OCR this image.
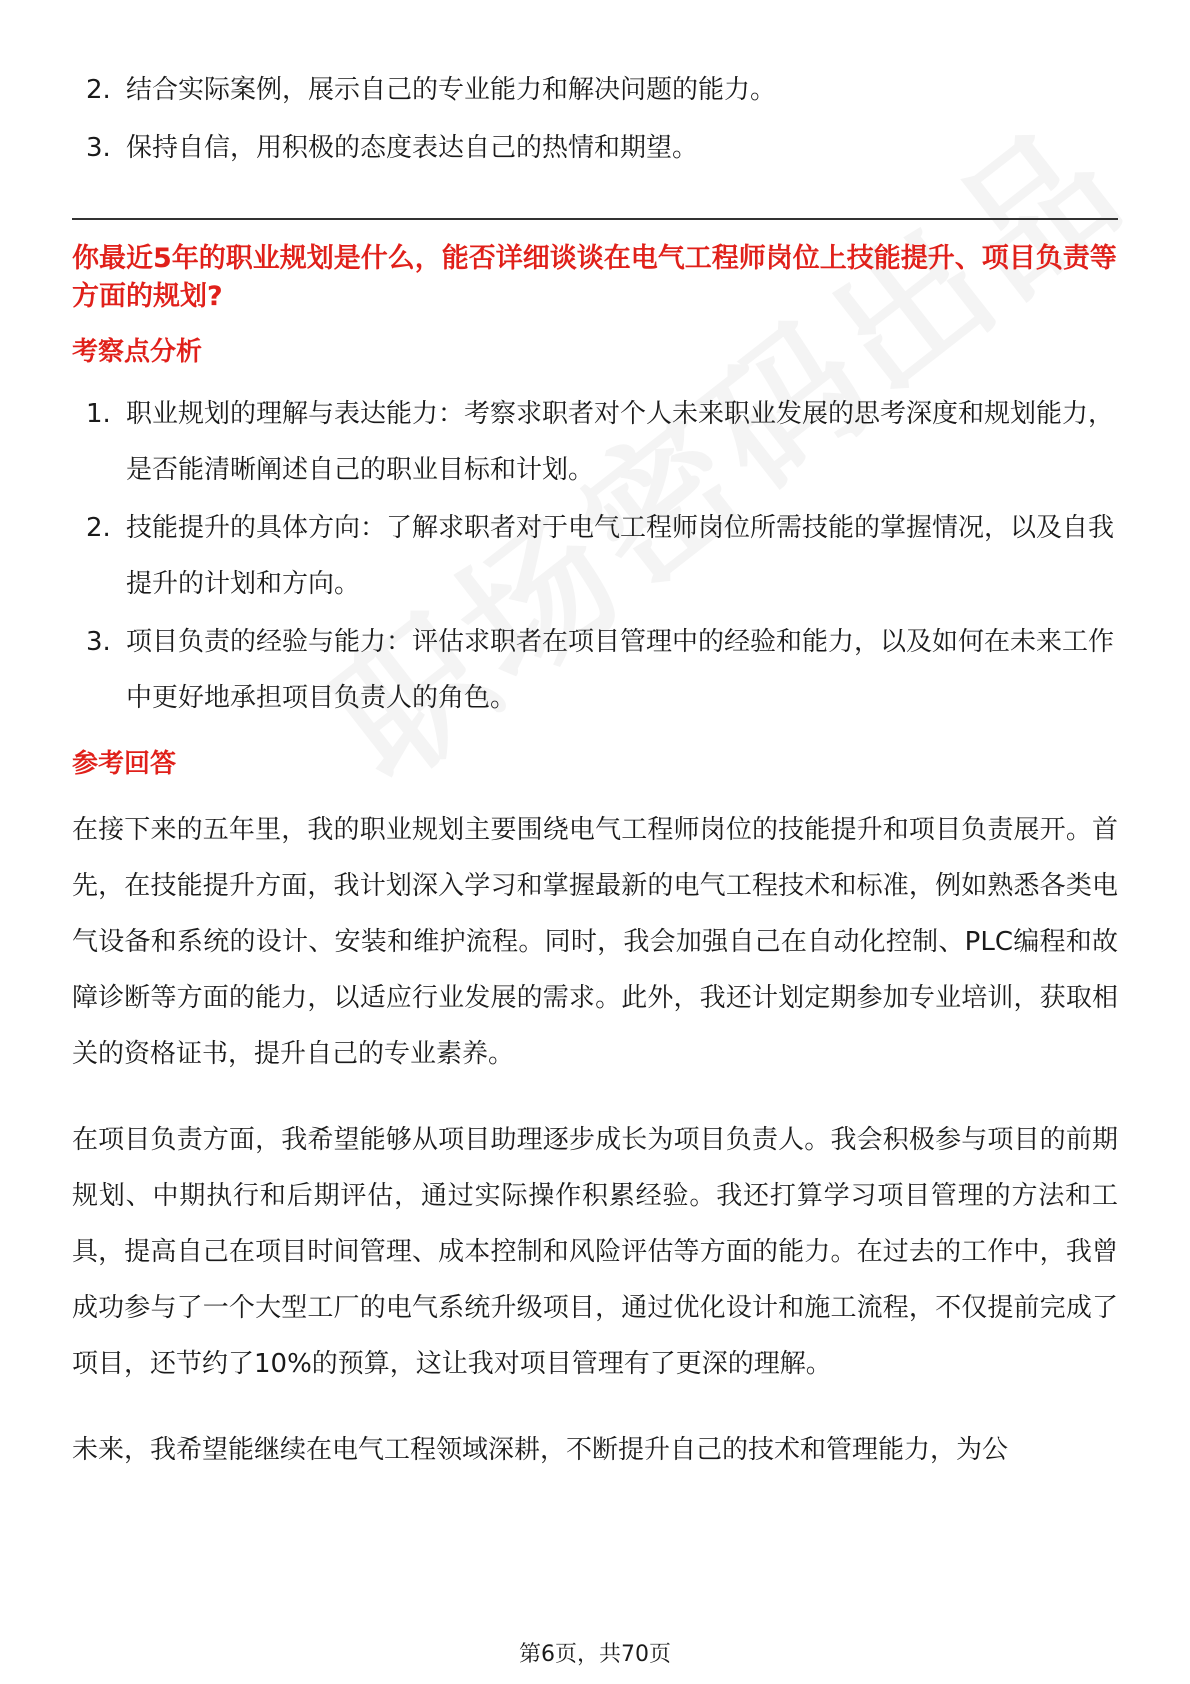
2. 结合实际案例，展示自己的专业能力和解决问题的能力。
3. 保持自信，用积极的态度表达自己的热情和期望。

你最近5年的职业规划是什么，能否详细谈谈在电气工程师岗位上技能提升、项目负责等方面的规划?

考察点分析
1. 职业规划的理解与表达能力：考察求职者对个人未来职业发展的思考深度和规划能力，是否能清晰阐述自己的职业目标和计划。
2. 技能提升的具体方向：了解求职者对于电气工程师岗位所需技能的掌握情况，以及自我提升的计划和方向。
3. 项目负责的经验与能力：评估求职者在项目管理中的经验和能力，以及如何在未来工作中更好地承担项目负责人的角色。
参考回答

在接下来的五年里，我的职业规划主要围绕电气工程师岗位的技能提升和项目负责展开。首先，在技能提升方面，我计划深入学习和掌握最新的电气工程技术和标准，例如熟悉各类电气设备和系统的设计、安装和维护流程。同时，我会加强自己在自动化控制、PLC编程和故障诊断等方面的能力，以适应行业发展的需求。此外，我还计划定期参加专业培训，获取相关的资格证书，提升自己的专业素养。

在项目负责方面，我希望能够从项目助理逐步成长为项目负责人。我会积极参与项目的前期规划、中期执行和后期评估，通过实际操作积累经验。我还打算学习项目管理的方法和工具，提高自己在项目时间管理、成本控制和风险评估等方面的能力。在过去的工作中，我曾成功参与了一个大型工厂的电气系统升级项目，通过优化设计和施工流程，不仅提前完成了项目，还节约了10%的预算，这让我对项目管理有了更深的理解。

未来，我希望能继续在电气工程领域深耕，不断提升自己的技术和管理能力，为公

第6页，共70页
